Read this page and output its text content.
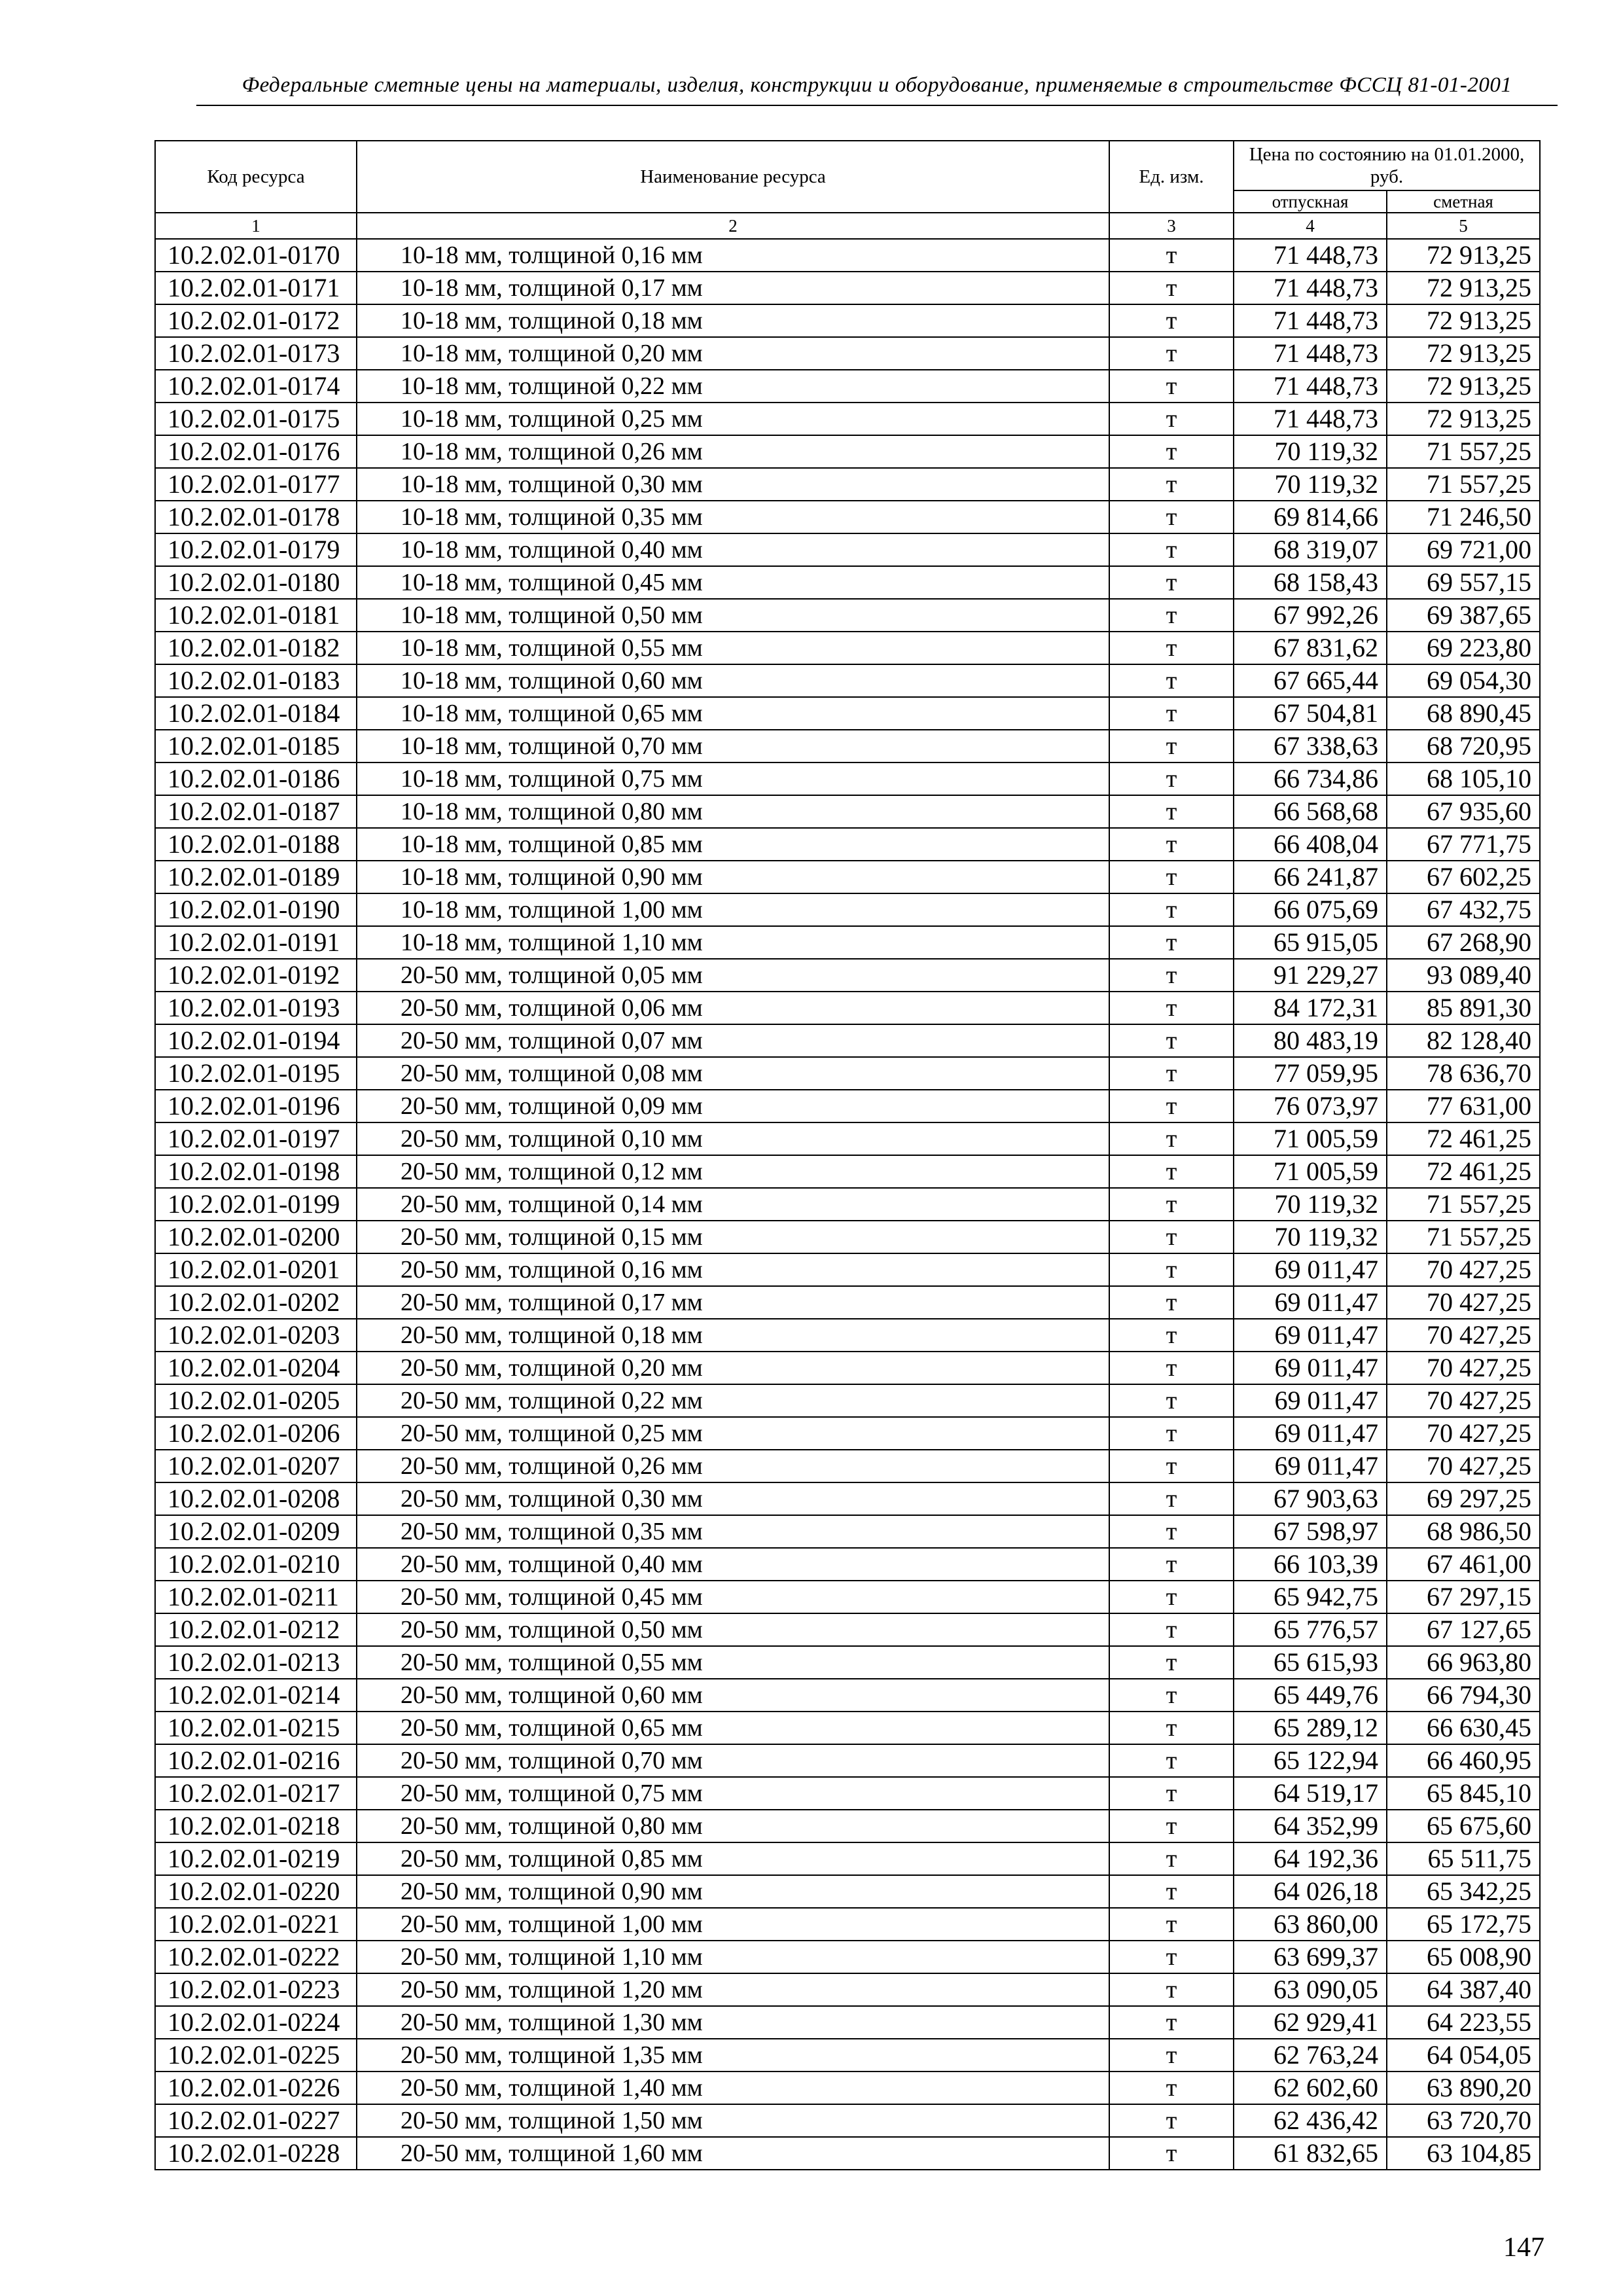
Федеральные сметные цены на материалы, изделия, конструкции и оборудование, применяемые в строительстве ФССЦ 81-01-2001
Код ресурса	Наименование ресурса	Ед. изм.	Цена по состоянию на 01.01.2000, руб.	
			отпускная	сметная
1	2	3	4	5
10.2.02.01-0170	10-18 мм, толщиной 0,16 мм	т	71 448,73	72 913,25
10.2.02.01-0171	10-18 мм, толщиной 0,17 мм	т	71 448,73	72 913,25
10.2.02.01-0172	10-18 мм, толщиной 0,18 мм	т	71 448,73	72 913,25
10.2.02.01-0173	10-18 мм, толщиной 0,20 мм	т	71 448,73	72 913,25
10.2.02.01-0174	10-18 мм, толщиной 0,22 мм	т	71 448,73	72 913,25
10.2.02.01-0175	10-18 мм, толщиной 0,25 мм	т	71 448,73	72 913,25
10.2.02.01-0176	10-18 мм, толщиной 0,26 мм	т	70 119,32	71 557,25
10.2.02.01-0177	10-18 мм, толщиной 0,30 мм	т	70 119,32	71 557,25
10.2.02.01-0178	10-18 мм, толщиной 0,35 мм	т	69 814,66	71 246,50
10.2.02.01-0179	10-18 мм, толщиной 0,40 мм	т	68 319,07	69 721,00
10.2.02.01-0180	10-18 мм, толщиной 0,45 мм	т	68 158,43	69 557,15
10.2.02.01-0181	10-18 мм, толщиной 0,50 мм	т	67 992,26	69 387,65
10.2.02.01-0182	10-18 мм, толщиной 0,55 мм	т	67 831,62	69 223,80
10.2.02.01-0183	10-18 мм, толщиной 0,60 мм	т	67 665,44	69 054,30
10.2.02.01-0184	10-18 мм, толщиной 0,65 мм	т	67 504,81	68 890,45
10.2.02.01-0185	10-18 мм, толщиной 0,70 мм	т	67 338,63	68 720,95
10.2.02.01-0186	10-18 мм, толщиной 0,75 мм	т	66 734,86	68 105,10
10.2.02.01-0187	10-18 мм, толщиной 0,80 мм	т	66 568,68	67 935,60
10.2.02.01-0188	10-18 мм, толщиной 0,85 мм	т	66 408,04	67 771,75
10.2.02.01-0189	10-18 мм, толщиной 0,90 мм	т	66 241,87	67 602,25
10.2.02.01-0190	10-18 мм, толщиной 1,00 мм	т	66 075,69	67 432,75
10.2.02.01-0191	10-18 мм, толщиной 1,10 мм	т	65 915,05	67 268,90
10.2.02.01-0192	20-50 мм, толщиной 0,05 мм	т	91 229,27	93 089,40
10.2.02.01-0193	20-50 мм, толщиной 0,06 мм	т	84 172,31	85 891,30
10.2.02.01-0194	20-50 мм, толщиной 0,07 мм	т	80 483,19	82 128,40
10.2.02.01-0195	20-50 мм, толщиной 0,08 мм	т	77 059,95	78 636,70
10.2.02.01-0196	20-50 мм, толщиной 0,09 мм	т	76 073,97	77 631,00
10.2.02.01-0197	20-50 мм, толщиной 0,10 мм	т	71 005,59	72 461,25
10.2.02.01-0198	20-50 мм, толщиной 0,12 мм	т	71 005,59	72 461,25
10.2.02.01-0199	20-50 мм, толщиной 0,14 мм	т	70 119,32	71 557,25
10.2.02.01-0200	20-50 мм, толщиной 0,15 мм	т	70 119,32	71 557,25
10.2.02.01-0201	20-50 мм, толщиной 0,16 мм	т	69 011,47	70 427,25
10.2.02.01-0202	20-50 мм, толщиной 0,17 мм	т	69 011,47	70 427,25
10.2.02.01-0203	20-50 мм, толщиной 0,18 мм	т	69 011,47	70 427,25
10.2.02.01-0204	20-50 мм, толщиной 0,20 мм	т	69 011,47	70 427,25
10.2.02.01-0205	20-50 мм, толщиной 0,22 мм	т	69 011,47	70 427,25
10.2.02.01-0206	20-50 мм, толщиной 0,25 мм	т	69 011,47	70 427,25
10.2.02.01-0207	20-50 мм, толщиной 0,26 мм	т	69 011,47	70 427,25
10.2.02.01-0208	20-50 мм, толщиной 0,30 мм	т	67 903,63	69 297,25
10.2.02.01-0209	20-50 мм, толщиной 0,35 мм	т	67 598,97	68 986,50
10.2.02.01-0210	20-50 мм, толщиной 0,40 мм	т	66 103,39	67 461,00
10.2.02.01-0211	20-50 мм, толщиной 0,45 мм	т	65 942,75	67 297,15
10.2.02.01-0212	20-50 мм, толщиной 0,50 мм	т	65 776,57	67 127,65
10.2.02.01-0213	20-50 мм, толщиной 0,55 мм	т	65 615,93	66 963,80
10.2.02.01-0214	20-50 мм, толщиной 0,60 мм	т	65 449,76	66 794,30
10.2.02.01-0215	20-50 мм, толщиной 0,65 мм	т	65 289,12	66 630,45
10.2.02.01-0216	20-50 мм, толщиной 0,70 мм	т	65 122,94	66 460,95
10.2.02.01-0217	20-50 мм, толщиной 0,75 мм	т	64 519,17	65 845,10
10.2.02.01-0218	20-50 мм, толщиной 0,80 мм	т	64 352,99	65 675,60
10.2.02.01-0219	20-50 мм, толщиной 0,85 мм	т	64 192,36	65 511,75
10.2.02.01-0220	20-50 мм, толщиной 0,90 мм	т	64 026,18	65 342,25
10.2.02.01-0221	20-50 мм, толщиной 1,00 мм	т	63 860,00	65 172,75
10.2.02.01-0222	20-50 мм, толщиной 1,10 мм	т	63 699,37	65 008,90
10.2.02.01-0223	20-50 мм, толщиной 1,20 мм	т	63 090,05	64 387,40
10.2.02.01-0224	20-50 мм, толщиной 1,30 мм	т	62 929,41	64 223,55
10.2.02.01-0225	20-50 мм, толщиной 1,35 мм	т	62 763,24	64 054,05
10.2.02.01-0226	20-50 мм, толщиной 1,40 мм	т	62 602,60	63 890,20
10.2.02.01-0227	20-50 мм, толщиной 1,50 мм	т	62 436,42	63 720,70
10.2.02.01-0228	20-50 мм, толщиной 1,60 мм	т	61 832,65	63 104,85
147
